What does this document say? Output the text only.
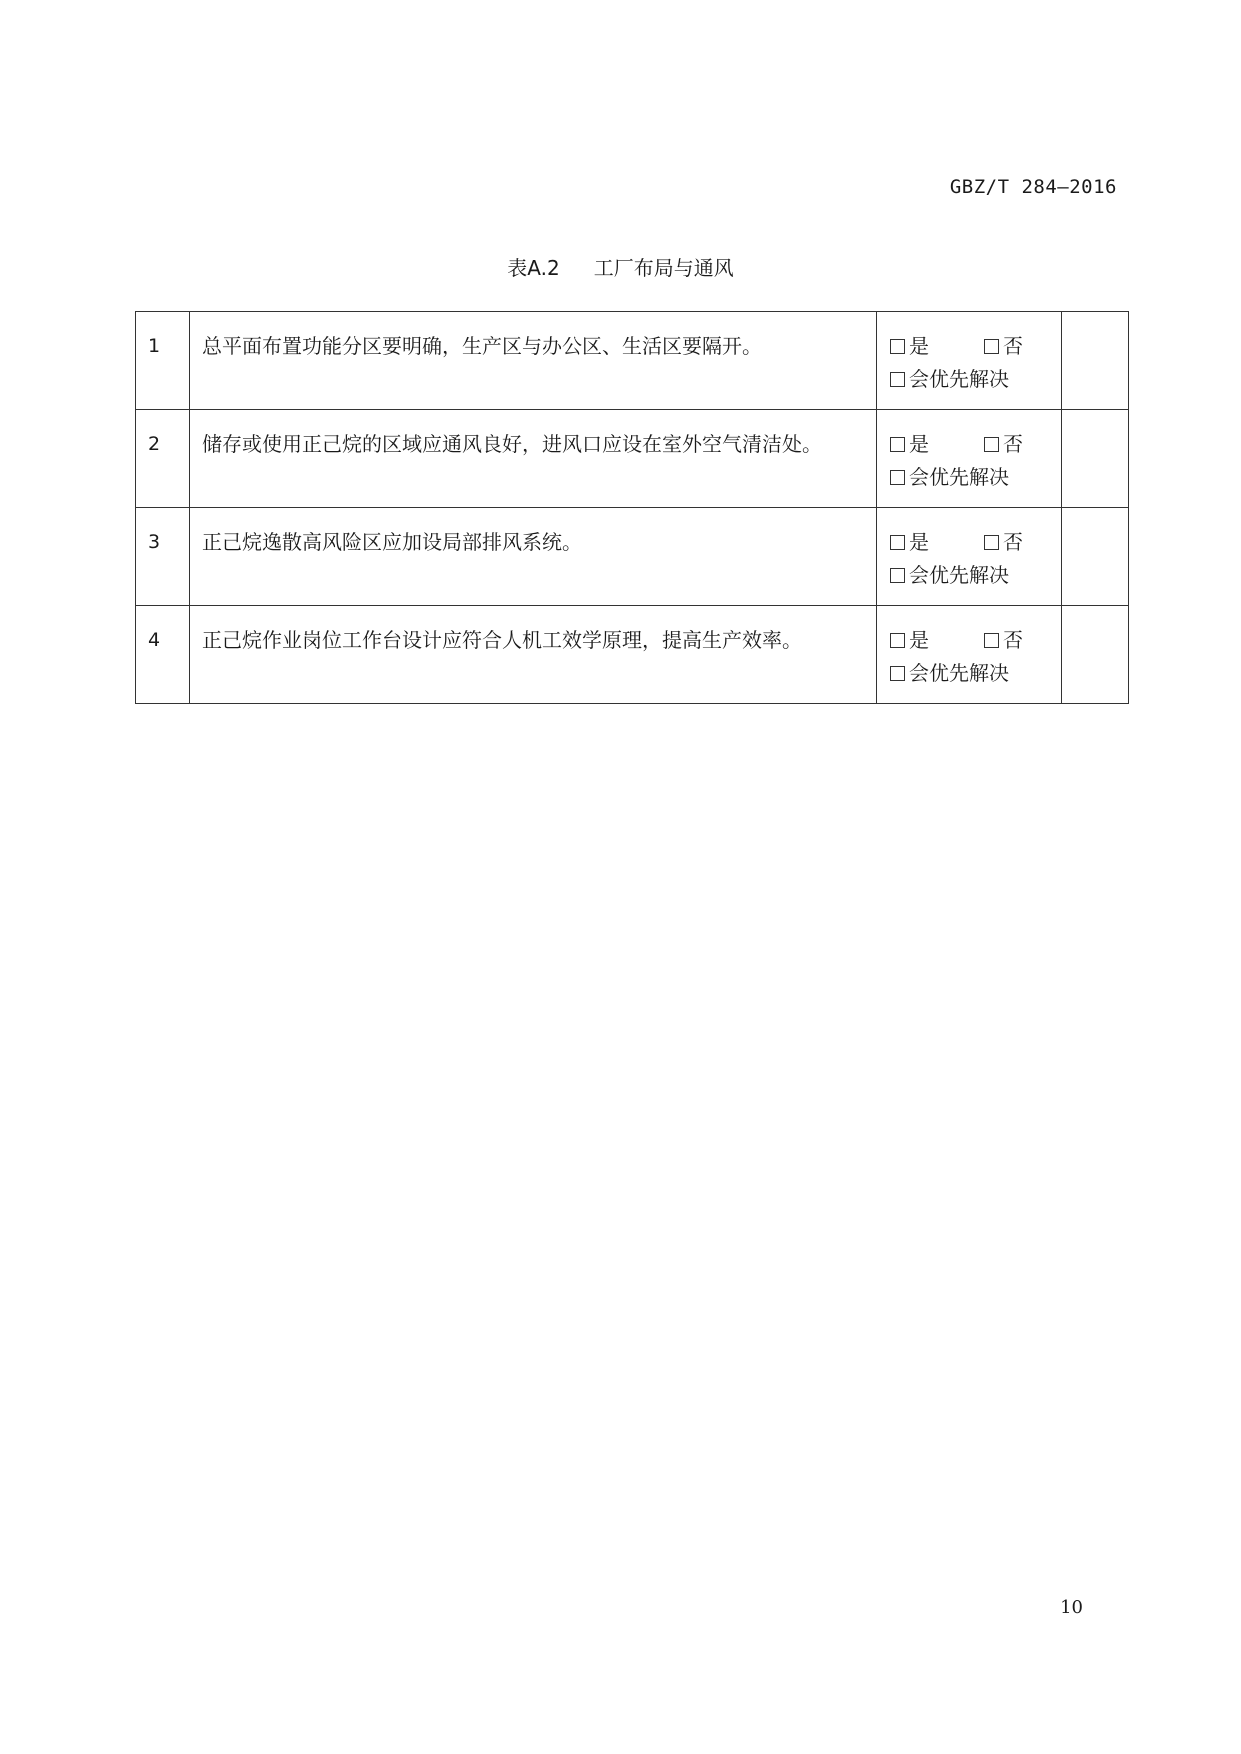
GBZ/T 284—2016
表A.2 工厂布局与通风
1	总平面布置功能分区要明确，生产区与办公区、生活区要隔开。	是 否
会优先解决	

2	储存或使用正己烷的区域应通风良好，进风口应设在室外空气清洁处。	是 否
会优先解决	

3	正己烷逸散高风险区应加设局部排风系统。	是 否
会优先解决	

4	正己烷作业岗位工作台设计应符合人机工效学原理，提高生产效率。	是 否
会优先解决	

10
